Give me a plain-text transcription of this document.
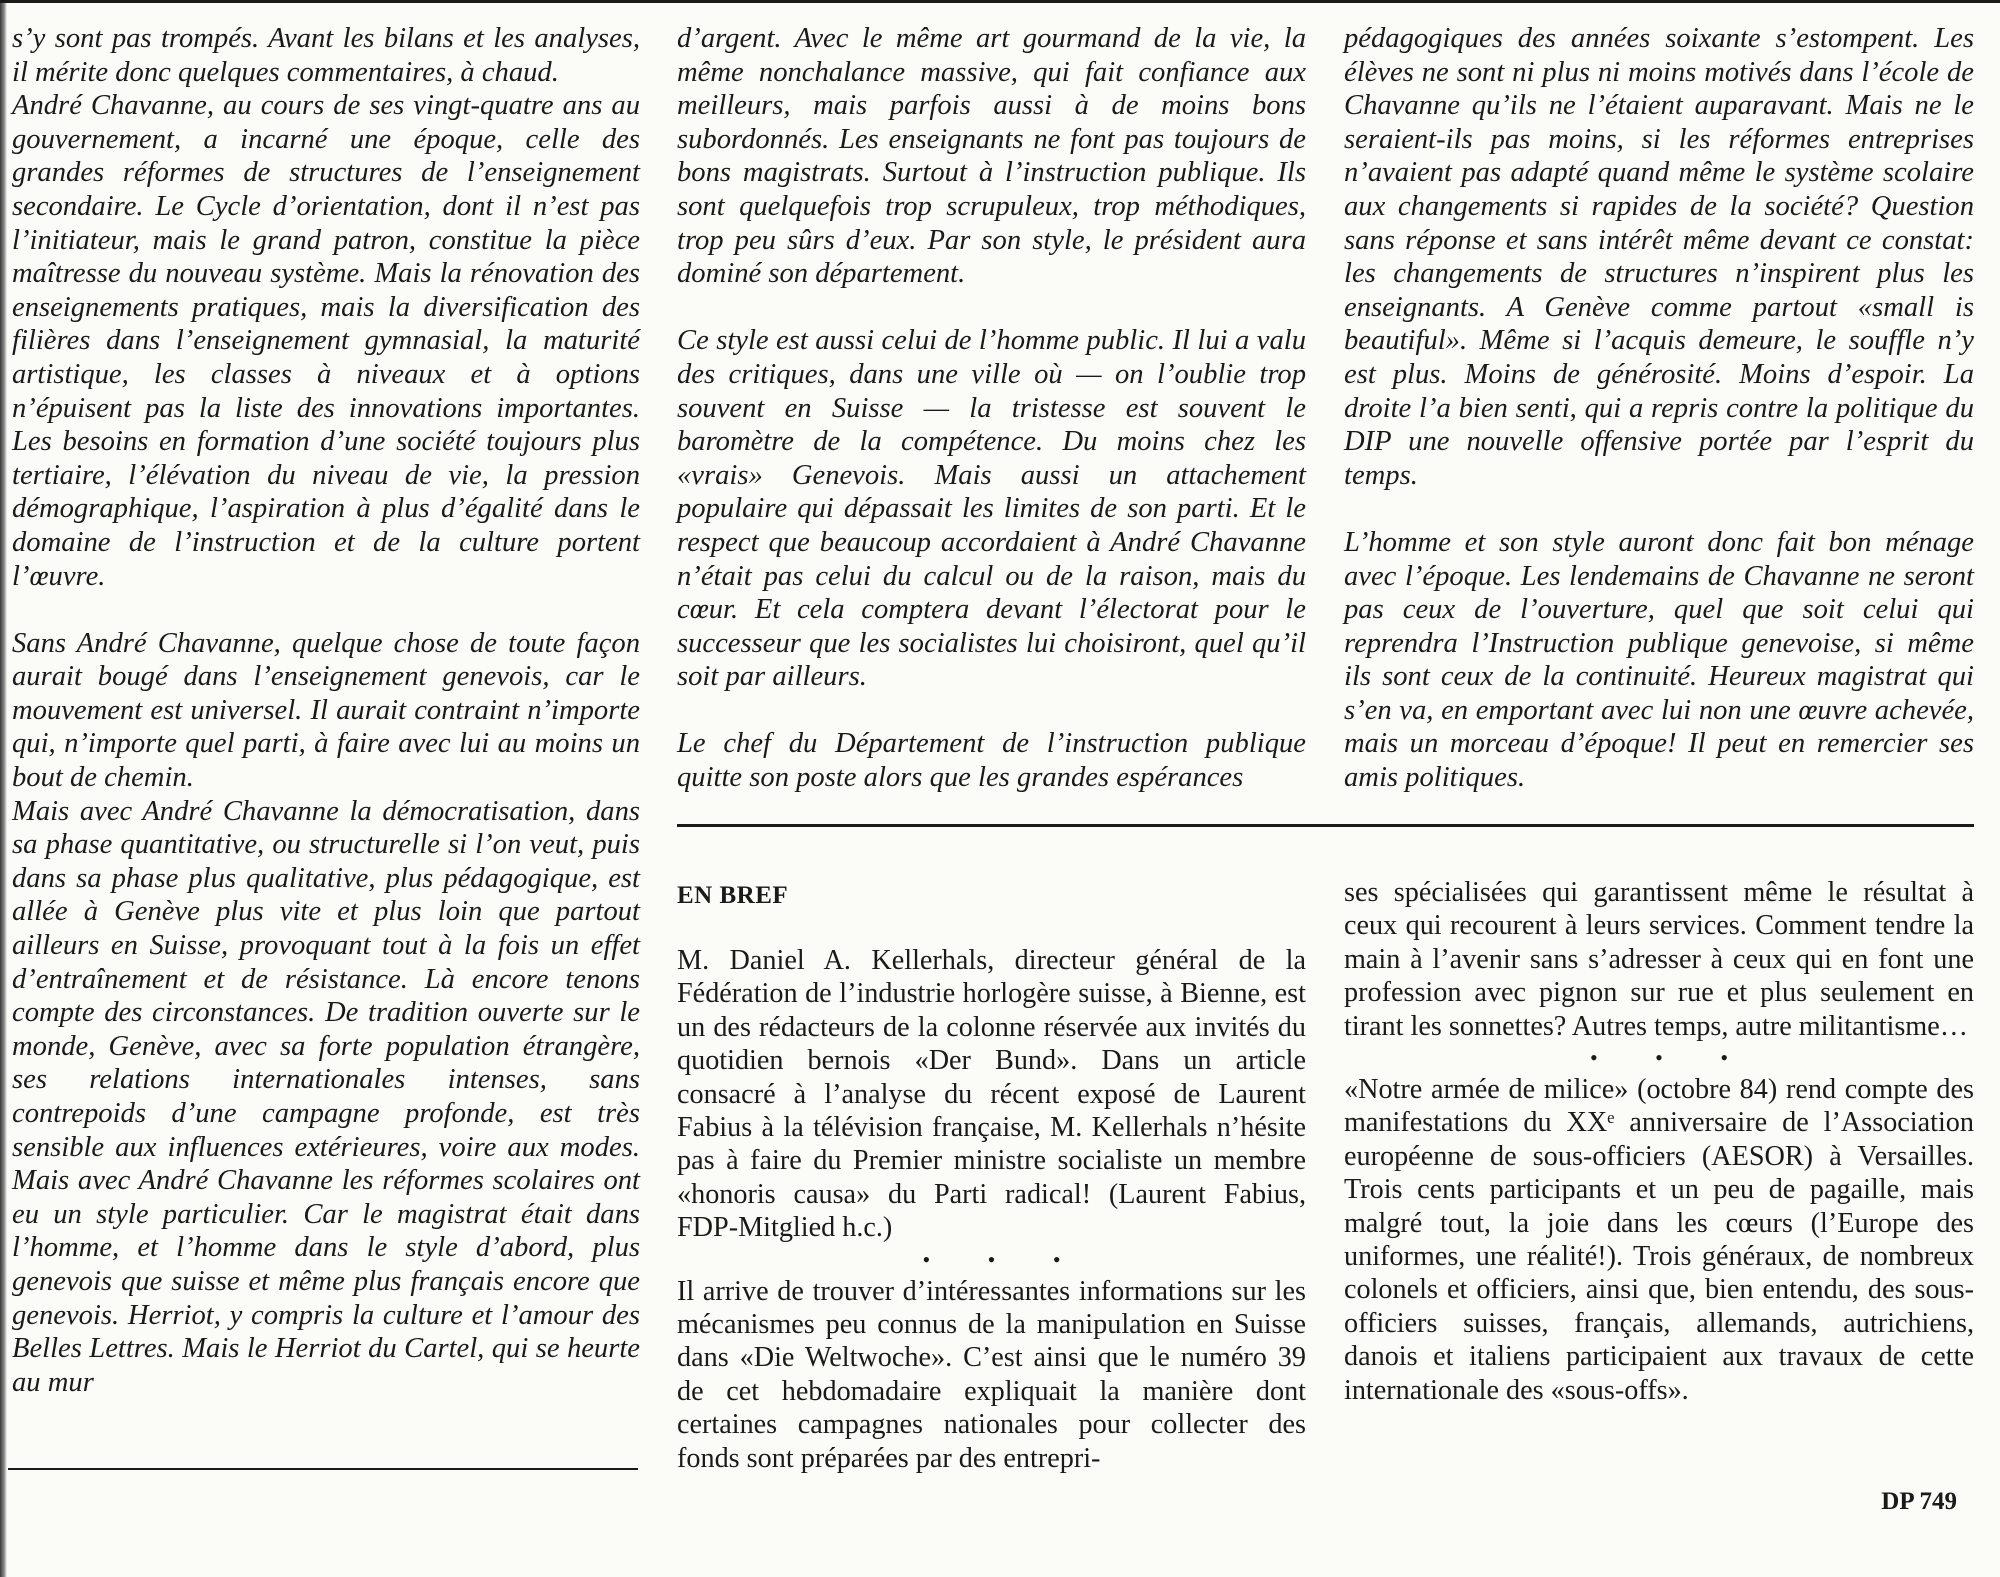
s’y sont pas trompés. Avant les bilans et les analyses, il mérite donc quelques commentaires, à chaud.

André Chavanne, au cours de ses vingt-quatre ans au gouvernement, a incarné une époque, celle des grandes réformes de structures de l’enseignement secondaire. Le Cycle d’orientation, dont il n’est pas l’initiateur, mais le grand patron, constitue la pièce maîtresse du nouveau système. Mais la rénovation des enseignements pratiques, mais la diversification des filières dans l’enseignement gymnasial, la maturité artistique, les classes à niveaux et à options n’épuisent pas la liste des innovations importantes. Les besoins en formation d’une société toujours plus tertiaire, l’élévation du niveau de vie, la pression démographique, l’aspiration à plus d’égalité dans le domaine de l’instruction et de la culture portent l’œuvre.

Sans André Chavanne, quelque chose de toute façon aurait bougé dans l’enseignement genevois, car le mouvement est universel. Il aurait contraint n’importe qui, n’importe quel parti, à faire avec lui au moins un bout de chemin.

Mais avec André Chavanne la démocratisation, dans sa phase quantitative, ou structurelle si l’on veut, puis dans sa phase plus qualitative, plus pédagogique, est allée à Genève plus vite et plus loin que partout ailleurs en Suisse, provoquant tout à la fois un effet d’entraînement et de résistance. Là encore tenons compte des circonstances. De tradition ouverte sur le monde, Genève, avec sa forte population étrangère, ses relations internationales intenses, sans contrepoids d’une campagne profonde, est très sensible aux influences extérieures, voire aux modes. Mais avec André Chavanne les réformes scolaires ont eu un style particulier. Car le magistrat était dans l’homme, et l’homme dans le style d’abord, plus genevois que suisse et même plus français encore que genevois. Herriot, y compris la culture et l’amour des Belles Lettres. Mais le Herriot du Cartel, qui se heurte au mur

d’argent. Avec le même art gourmand de la vie, la même nonchalance massive, qui fait confiance aux meilleurs, mais parfois aussi à de moins bons subordonnés. Les enseignants ne font pas toujours de bons magistrats. Surtout à l’instruction publique. Ils sont quelquefois trop scrupuleux, trop méthodiques, trop peu sûrs d’eux. Par son style, le président aura dominé son département.

Ce style est aussi celui de l’homme public. Il lui a valu des critiques, dans une ville où — on l’oublie trop souvent en Suisse — la tristesse est souvent le baromètre de la compétence. Du moins chez les «vrais» Genevois. Mais aussi un attachement populaire qui dépassait les limites de son parti. Et le respect que beaucoup accordaient à André Chavanne n’était pas celui du calcul ou de la raison, mais du cœur. Et cela comptera devant l’électorat pour le successeur que les socialistes lui choisiront, quel qu’il soit par ailleurs.

Le chef du Département de l’instruction publique quitte son poste alors que les grandes espérances

pédagogiques des années soixante s’estompent. Les élèves ne sont ni plus ni moins motivés dans l’école de Chavanne qu’ils ne l’étaient auparavant. Mais ne le seraient-ils pas moins, si les réformes entreprises n’avaient pas adapté quand même le système scolaire aux changements si rapides de la société? Question sans réponse et sans intérêt même devant ce constat: les changements de structures n’inspirent plus les enseignants. A Genève comme partout «small is beautiful». Même si l’acquis demeure, le souffle n’y est plus. Moins de générosité. Moins d’espoir. La droite l’a bien senti, qui a repris contre la politique du DIP une nouvelle offensive portée par l’esprit du temps.

L’homme et son style auront donc fait bon ménage avec l’époque. Les lendemains de Chavanne ne seront pas ceux de l’ouverture, quel que soit celui qui reprendra l’Instruction publique genevoise, si même ils sont ceux de la continuité. Heureux magistrat qui s’en va, en emportant avec lui non une œuvre achevée, mais un morceau d’époque! Il peut en remercier ses amis politiques.

EN BREF

M. Daniel A. Kellerhals, directeur général de la Fédération de l’industrie horlogère suisse, à Bienne, est un des rédacteurs de la colonne réservée aux invités du quotidien bernois «Der Bund». Dans un article consacré à l’analyse du récent exposé de Laurent Fabius à la télévision française, M. Kellerhals n’hésite pas à faire du Premier ministre socialiste un membre «honoris causa» du Parti radical! (Laurent Fabius, FDP-Mitglied h.c.)

• • •

Il arrive de trouver d’intéressantes informations sur les mécanismes peu connus de la manipulation en Suisse dans «Die Weltwoche». C’est ainsi que le numéro 39 de cet hebdomadaire expliquait la manière dont certaines campagnes nationales pour collecter des fonds sont préparées par des entrepri-

ses spécialisées qui garantissent même le résultat à ceux qui recourent à leurs services. Comment tendre la main à l’avenir sans s’adresser à ceux qui en font une profession avec pignon sur rue et plus seulement en tirant les sonnettes? Autres temps, autre militantisme…

• • •

«Notre armée de milice» (octobre 84) rend compte des manifestations du XXᵉ anniversaire de l’Association européenne de sous-officiers (AESOR) à Versailles. Trois cents participants et un peu de pagaille, mais malgré tout, la joie dans les cœurs (l’Europe des uniformes, une réalité!). Trois généraux, de nombreux colonels et officiers, ainsi que, bien entendu, des sous-officiers suisses, français, allemands, autrichiens, danois et italiens participaient aux travaux de cette internationale des «sous-offs».

DP 749
